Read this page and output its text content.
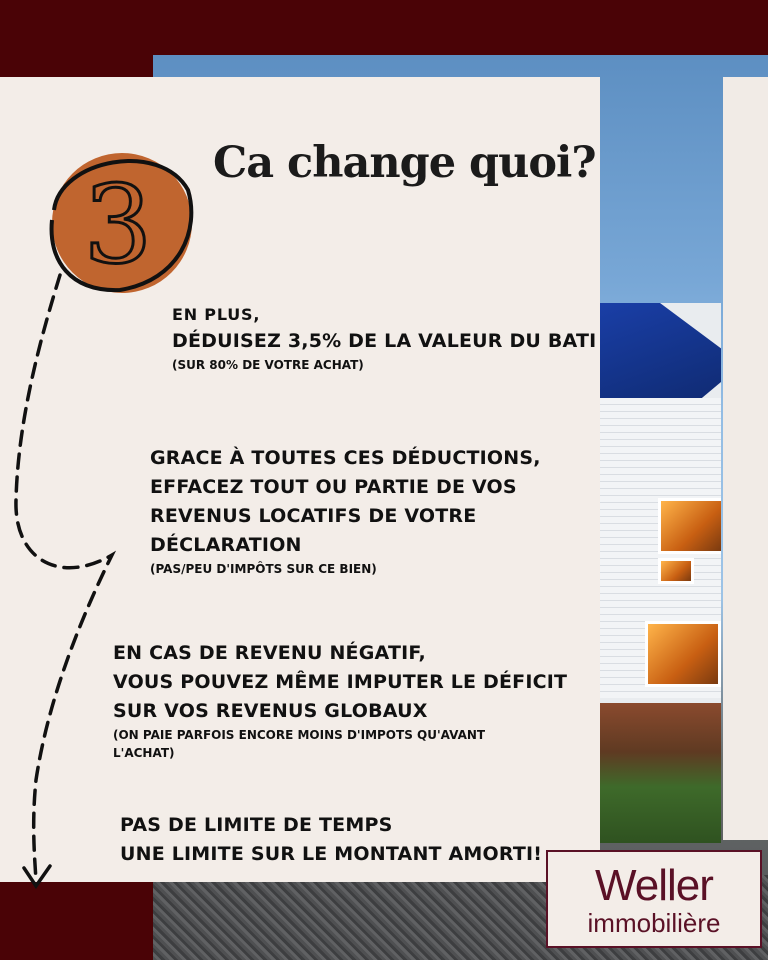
3 Ca change quoi?
EN PLUS,
DÉDUISEZ 3,5% DE LA VALEUR DU BATI
(SUR 80% DE VOTRE ACHAT)
GRACE À TOUTES CES DÉDUCTIONS,
EFFACEZ TOUT OU PARTIE DE VOS
REVENUS LOCATIFS DE VOTRE
DÉCLARATION
(PAS/PEU D'IMPÔTS SUR CE BIEN)
EN CAS DE REVENU NÉGATIF,
VOUS POUVEZ MÊME IMPUTER LE DÉFICIT
SUR VOS REVENUS GLOBAUX
(ON PAIE PARFOIS ENCORE MOINS D'IMPOTS QU'AVANT
L'ACHAT)
PAS DE LIMITE DE TEMPS
UNE LIMITE SUR LE MONTANT AMORTI!
Weller
immobilière
